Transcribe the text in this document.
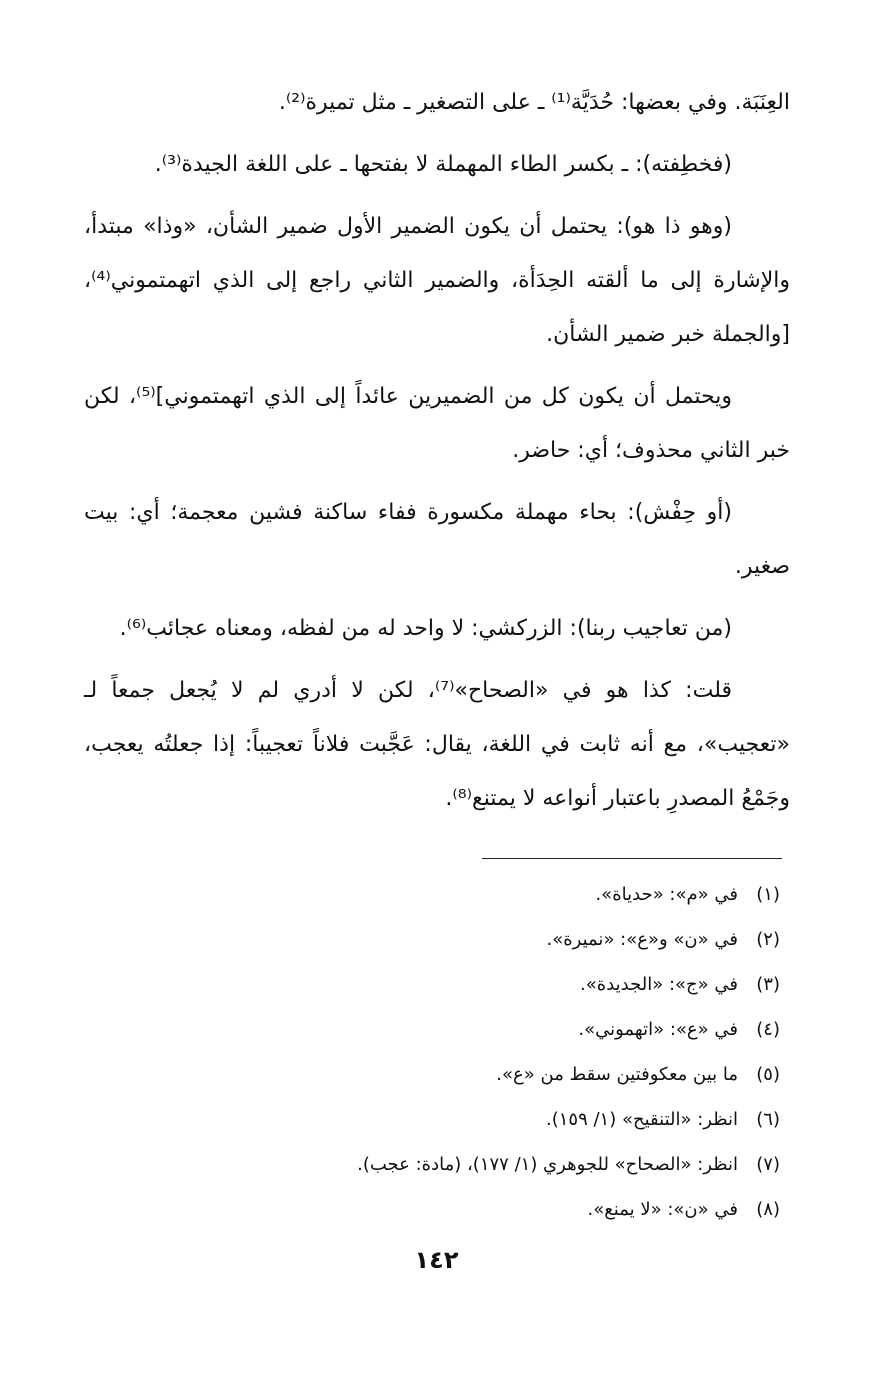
العِنَبَة. وفي بعضها: حُدَيَّة⁽¹⁾ ـ على التصغير ـ مثل تميرة⁽²⁾.

(فخطِفته): ـ بكسر الطاء المهملة لا بفتحها ـ على اللغة الجيدة⁽³⁾.

(وهو ذا هو): يحتمل أن يكون الضمير الأول ضمير الشأن، «وذا» مبتدأ، والإشارة إلى ما ألقته الحِدَأة، والضمير الثاني راجع إلى الذي اتهمتموني⁽⁴⁾، [والجملة خبر ضمير الشأن.

ويحتمل أن يكون كل من الضميرين عائداً إلى الذي اتهمتموني]⁽⁵⁾، لكن خبر الثاني محذوف؛ أي: حاضر.

(أو حِفْش): بحاء مهملة مكسورة ففاء ساكنة فشين معجمة؛ أي: بيت صغير.

(من تعاجيب ربنا): الزركشي: لا واحد له من لفظه، ومعناه عجائب⁽⁶⁾.

قلت: كذا هو في «الصحاح»⁽⁷⁾، لكن لا أدري لم لا يُجعل جمعاً لـ «تعجيب»، مع أنه ثابت في اللغة، يقال: عَجَّبت فلاناً تعجيباً: إذا جعلتُه يعجب، وجَمْعُ المصدرِ باعتبار أنواعه لا يمتنع⁽⁸⁾.

(١)في «م»: «حدياة».
(٢)في «ن» و«ع»: «نميرة».
(٣)في «ج»: «الجديدة».
(٤)في «ع»: «اتهموني».
(٥)ما بين معكوفتين سقط من «ع».
(٦)انظر: «التنقيح» (١/ ١٥٩).
(٧)انظر: «الصحاح» للجوهري (١/ ١٧٧)، (مادة: عجب).
(٨)في «ن»: «لا يمنع».
١٤٢
